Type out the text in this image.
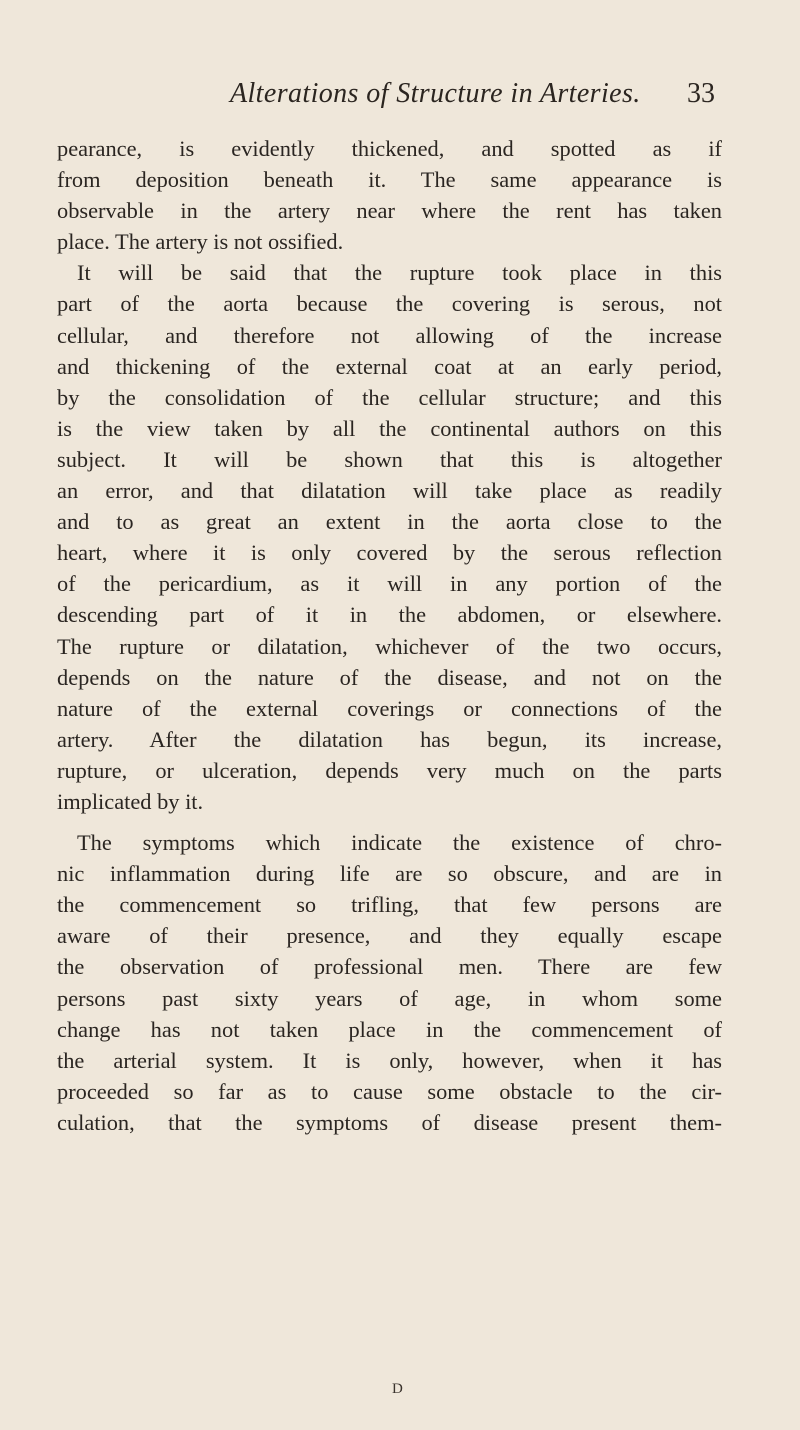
Alterations of Structure in Arteries. 33
pearance, is evidently thickened, and spotted as if
from deposition beneath it. The same appearance is
observable in the artery near where the rent has taken
place. The artery is not ossified.
It will be said that the rupture took place in this
part of the aorta because the covering is serous, not
cellular, and therefore not allowing of the increase
and thickening of the external coat at an early period,
by the consolidation of the cellular structure; and this
is the view taken by all the continental authors on this
subject. It will be shown that this is altogether
an error, and that dilatation will take place as readily
and to as great an extent in the aorta close to the
heart, where it is only covered by the serous reflection
of the pericardium, as it will in any portion of the
descending part of it in the abdomen, or elsewhere.
The rupture or dilatation, whichever of the two occurs,
depends on the nature of the disease, and not on the
nature of the external coverings or connections of the
artery. After the dilatation has begun, its increase,
rupture, or ulceration, depends very much on the parts
implicated by it.
The symptoms which indicate the existence of chro-
nic inflammation during life are so obscure, and are in
the commencement so trifling, that few persons are
aware of their presence, and they equally escape
the observation of professional men. There are few
persons past sixty years of age, in whom some
change has not taken place in the commencement of
the arterial system. It is only, however, when it has
proceeded so far as to cause some obstacle to the cir-
culation, that the symptoms of disease present them-
D
